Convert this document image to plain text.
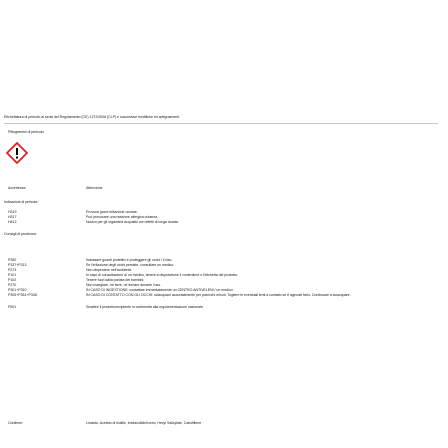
Etichettatura di pericolo ai sensi del Regolamento (CE) 1272/2008 (CLP) e successive modifiche ed adeguamenti.
Pittogrammi di pericolo:
Avvertenze:	Attenzione
Indicazioni di pericolo:
H319	Provoca grave irritazione oculare.
H317	Può provocare una reazione allergica cutanea.
H412	Nocivo per gli organismi acquatici con effetti di lunga durata.
Consigli di prudenza:
P280	Indossare guanti protettivi e proteggere gli occhi / il viso.
P337+P313	Se l'irritazione degli occhi persiste, consultare un medico.
P273	Non disperdere nell'ambiente.
P101	In caso di consultazione di un medico, tenere a disposizione il contenitore o l'etichetta del prodotto.
P102	Tenere fuori dalla portata dei bambini.
P270	Non mangiare, né bere, né fumare durante l'uso.
P301+P310	IN CASO DI INGESTIONE: contattare immediatamente un CENTRO ANTIVELENI / un medico.
P305+P351+P338	IN CASO DI CONTATTO CON GLI OCCHI: sciacquare accuratamente per parecchi minuti. Togliere le eventuali lenti a contatto se è agevole farlo. Continuare a sciacquare.
P501	Smaltire il prodotto/recipiente in conformità alla regolamentazione nazionale.
Contiene:	Linalolo, Acetato di linalile, Imidazolidinil urea, Hexyl Salicylate, Cariofillene
